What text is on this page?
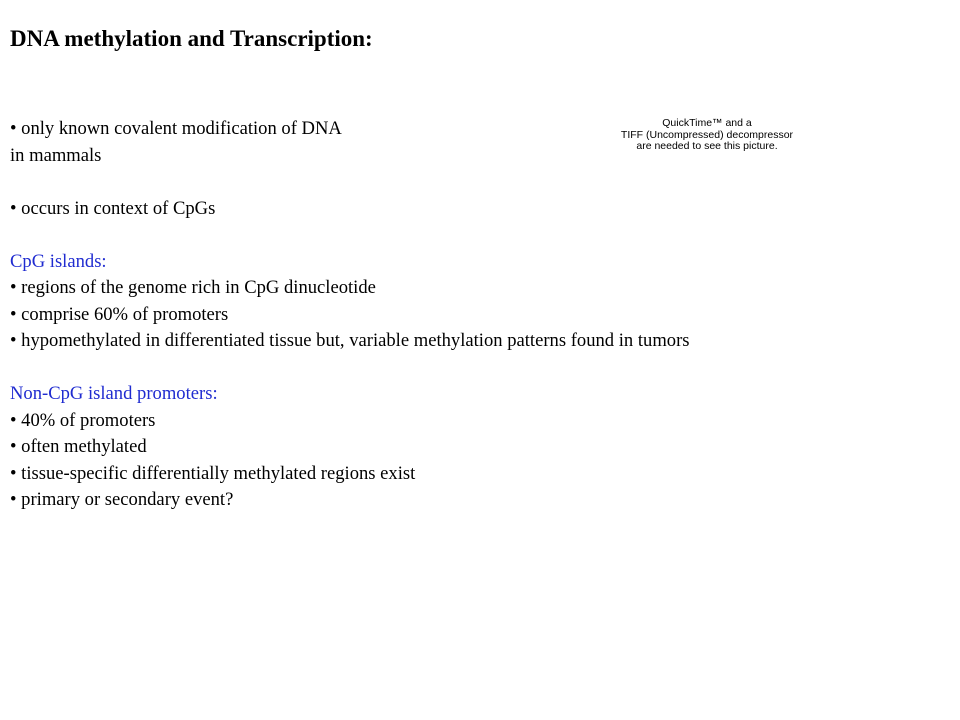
DNA methylation and Transcription:
QuickTime™ and a
TIFF (Uncompressed) decompressor
are needed to see this picture.
• only known covalent modification of DNA
in mammals
• occurs in context of CpGs
CpG islands:
• regions of the genome rich in CpG dinucleotide
• comprise 60% of promoters
• hypomethylated in differentiated tissue but, variable methylation patterns found in tumors
Non-CpG island promoters:
• 40% of promoters
• often methylated
• tissue-specific differentially methylated regions exist
• primary or secondary event?
